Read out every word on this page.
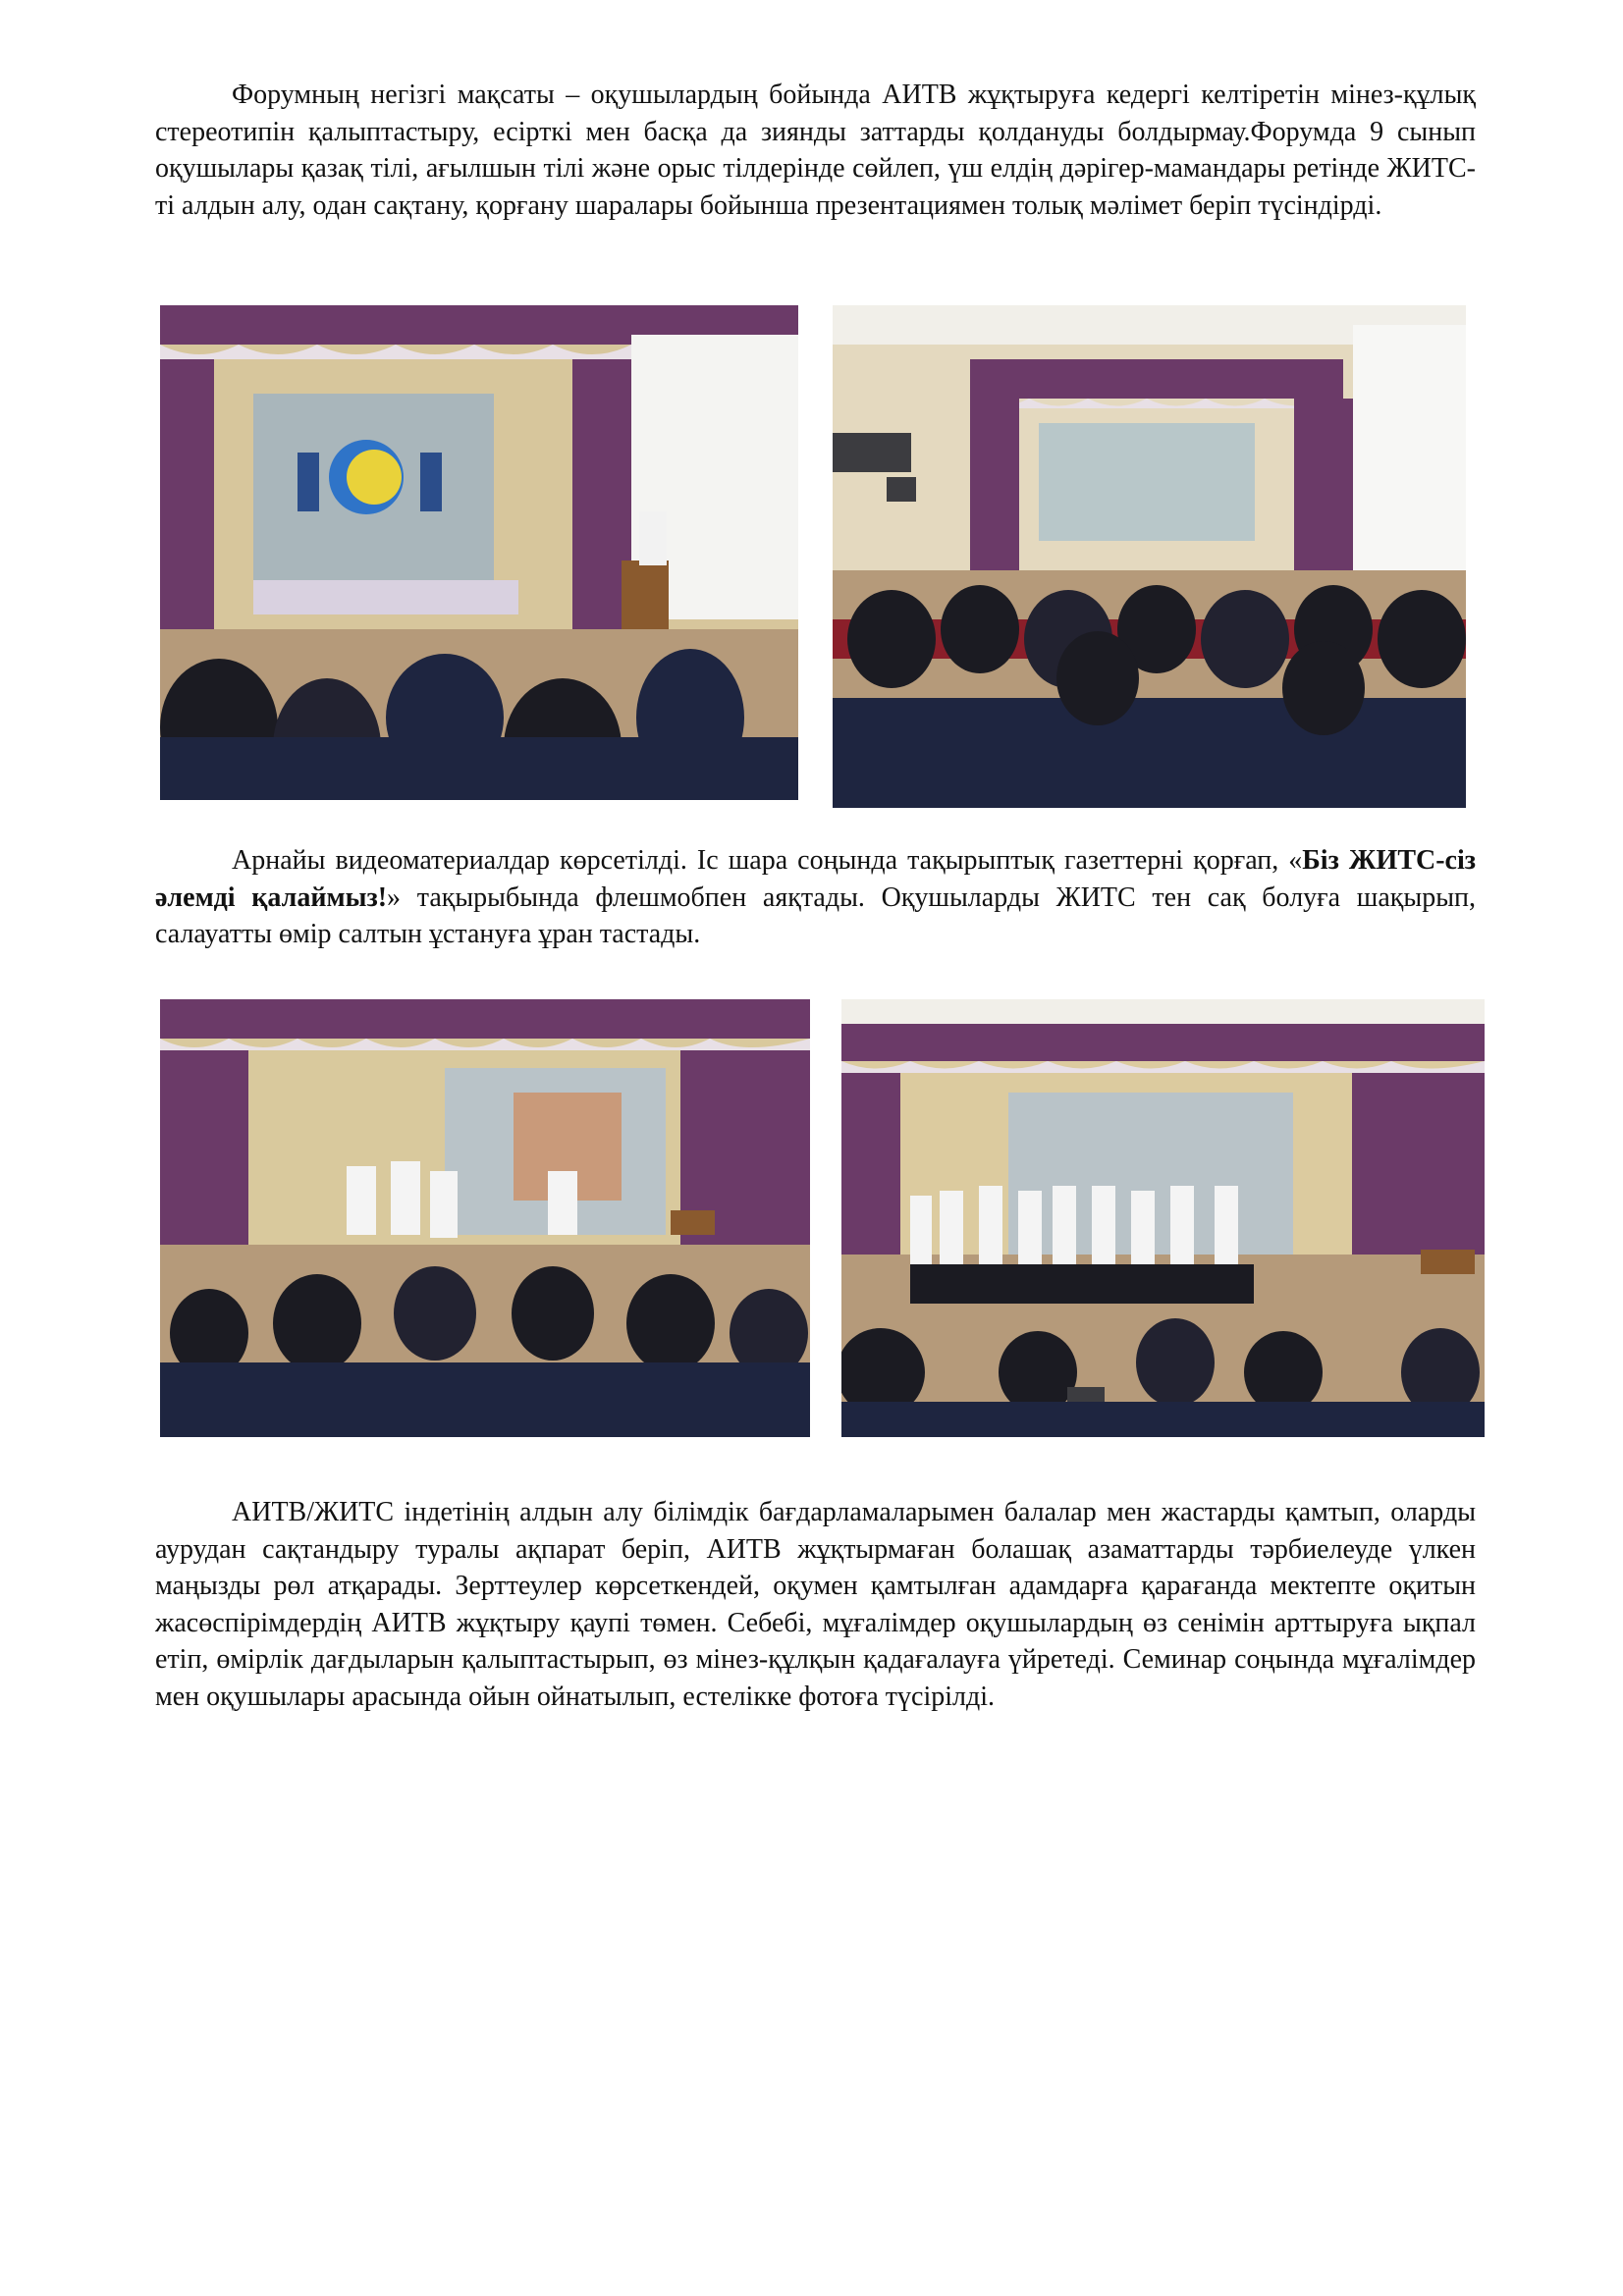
Форумның негізгі мақсаты – оқушылардың бойында АИТВ жұқтыруға кедергі келтіретін мінез-құлық стереотипін қалыптастыру, есірткі мен басқа да зиянды заттарды қолдануды болдырмау.Форумда 9 сынып оқушылары қазақ тілі, ағылшын тілі және орыс тілдерінде сөйлеп, үш елдің дәрігер-мамандары ретінде ЖИТС-ті алдын алу, одан сақтану, қорғану шаралары бойынша презентациямен толық мәлімет беріп түсіндірді.

Арнайы видеоматериалдар көрсетілді. Іс шара соңында тақырыптық газеттерні қорғап, «Біз ЖИТС-сіз әлемді қалаймыз!» тақырыбында флешмобпен аяқтады. Оқушыларды ЖИТС тен сақ болуға шақырып, салауатты өмір салтын ұстануға ұран тастады.

АИТВ/ЖИТС індетінің алдын алу білімдік бағдарламаларымен балалар мен жастарды қамтып, оларды аурудан сақтандыру туралы ақпарат беріп, АИТВ жұқтырмаған болашақ азаматтарды тәрбиелеуде үлкен маңызды рөл атқарады. Зерттеулер көрсеткендей, оқумен қамтылған адамдарға қарағанда мектепте оқитын жасөспірімдердің АИТВ жұқтыру қаупі төмен. Себебі, мұғалімдер оқушылардың өз сенімін арттыруға ықпал етіп, өмірлік дағдыларын қалыптастырып, өз мінез-құлқын қадағалауға үйретеді. Семинар соңында мұғалімдер мен оқушылары арасында ойын ойнатылып, естелікке фотоға түсірілді.
